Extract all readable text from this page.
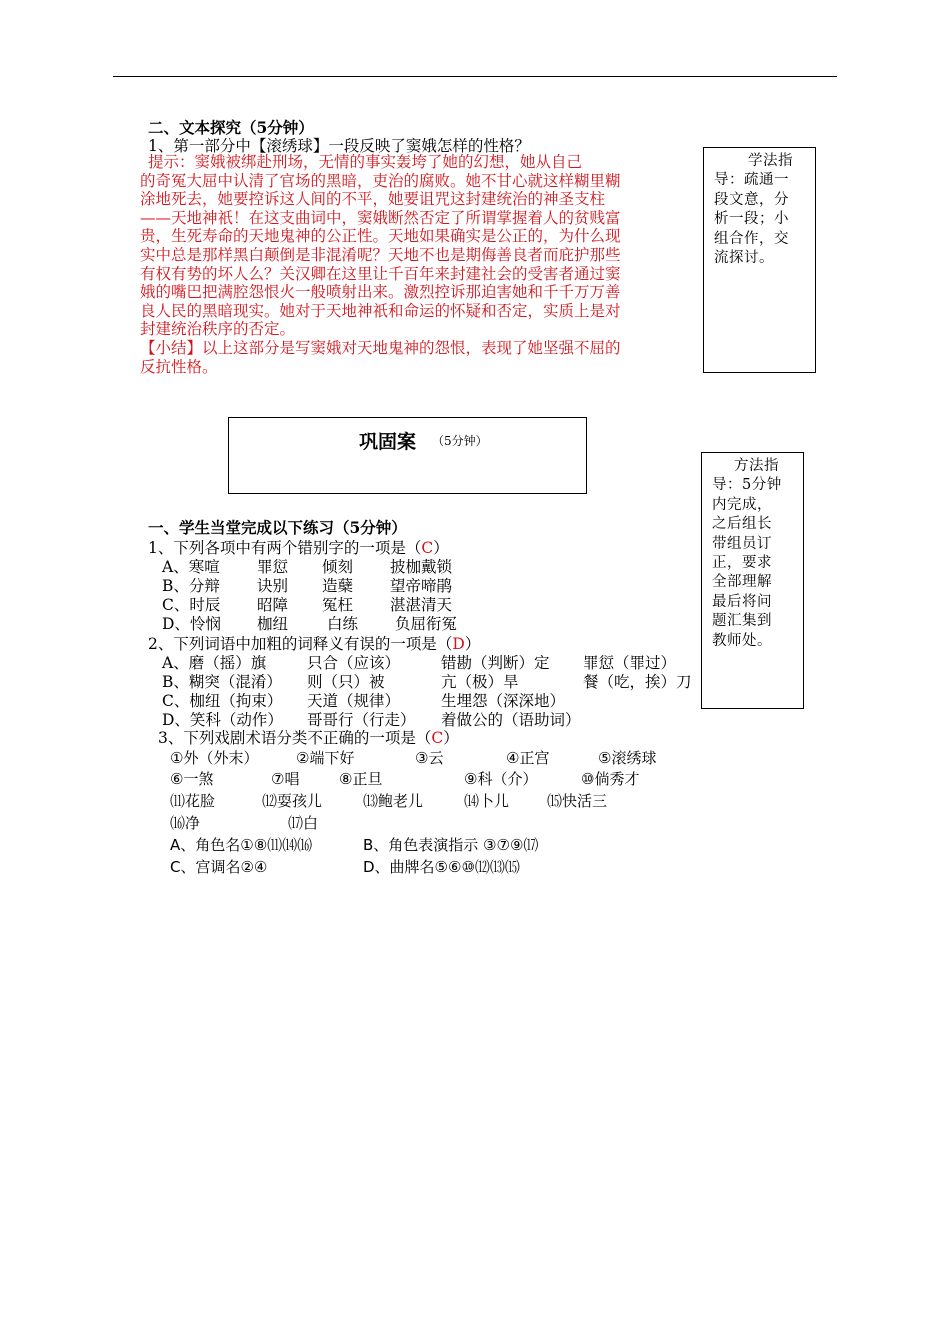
二、文本探究（5分钟）
1、第一部分中【滚绣球】一段反映了窦娥怎样的性格？
提示：窦娥被绑赴刑场，无情的事实轰垮了她的幻想，她从自己
的奇冤大屈中认清了官场的黑暗，吏治的腐败。她不甘心就这样糊里糊
涂地死去，她要控诉这人间的不平，她要诅咒这封建统治的神圣支柱
——天地神祇！在这支曲词中，窦娥断然否定了所谓掌握着人的贫贱富
贵，生死寿命的天地鬼神的公正性。天地如果确实是公正的，为什么现
实中总是那样黑白颠倒是非混淆呢？天地不也是期侮善良者而庇护那些
有权有势的坏人么？关汉卿在这里让千百年来封建社会的受害者通过窦
娥的嘴巴把满腔怨恨火一般喷射出来。激烈控诉那迫害她和千千万万善
良人民的黑暗现实。她对于天地神祇和命运的怀疑和否定，实质上是对
封建统治秩序的否定。
【小结】以上这部分是写窦娥对天地鬼神的怨恨，表现了她坚强不屈的
反抗性格。
学法指
导：疏通一
段文意，分
析一段；小
组合作，交
流探讨。
巩固案 （5分钟）
方法指
导：5分钟
内完成，
之后组长
带组员订
正，要求
全部理解
最后将问
题汇集到
教师处。
一、学生当堂完成以下练习（5分钟）
1、下列各项中有两个错别字的一项是（C）
A、寒喧 罪愆 倾刻 披枷戴锁
B、分辩 诀别 造蘖 望帝啼鹃
C、时辰 昭障 冤枉 湛湛清天
D、怜悯 枷纽	白练 负屈衔冤
2、下列词语中加粗的词释义有误的一项是（D）
A、磨（摇）旗	只合（应该）	错勘（判断）定 罪愆（罪过）
B、糊突（混淆） 则（只）被	亢（极）旱	餐（吃，挨）刀
C、枷纽（拘束） 天道（规律）	生埋怨（深深地）
D、笑科（动作） 哥哥行（行走） 着做公的（语助词）
3、下列戏剧术语分类不正确的一项是（C）
①外（外末）	②端下好	③云	④正宫	⑤滚绣球
⑥一煞	⑦唱	⑧正旦	⑨科（介）	⑩倘秀才
⑾花脸	⑿耍孩儿	⒀鲍老儿	⒁卜儿	⒂快活三
⒃净	⒄白
A、角色名①⑧⑾⒁⒃	B、角色表演指示 ③⑦⑨⒄
C、宫调名②④	D、曲牌名⑤⑥⑩⑿⒀⒂
